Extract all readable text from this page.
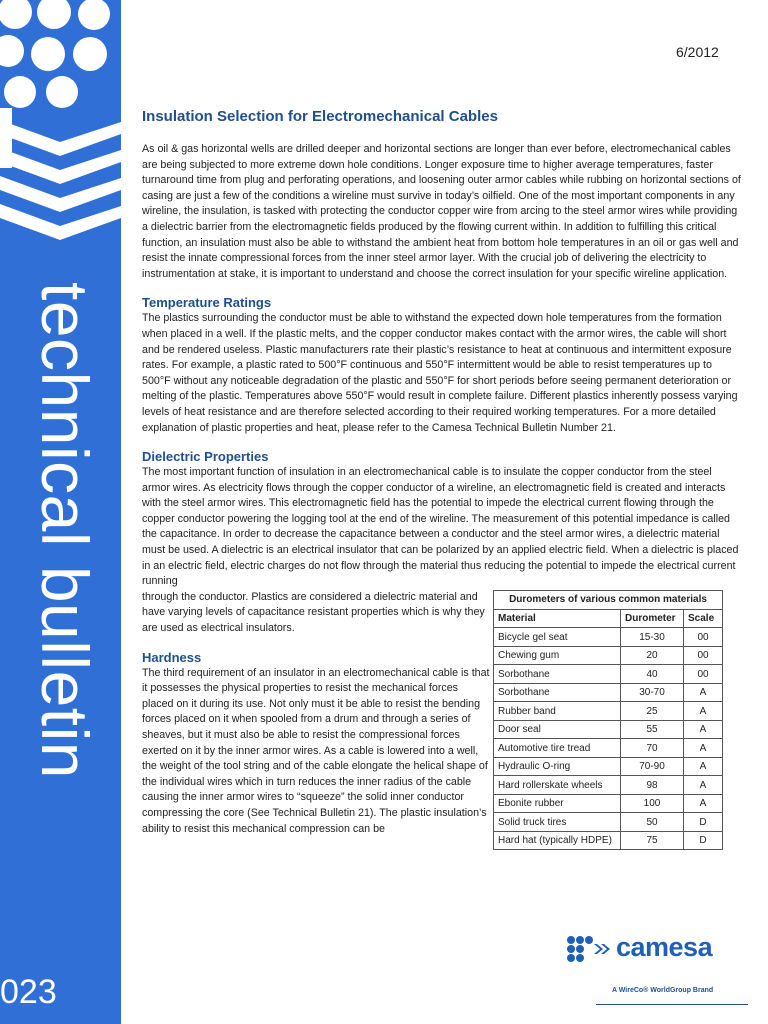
technical bulletin
023
6/2012
Insulation Selection for Electromechanical Cables

As oil & gas horizontal wells are drilled deeper and horizontal sections are longer than ever before, electromechanical cables are being subjected to more extreme down hole conditions. Longer exposure time to higher average temperatures, faster turnaround time from plug and perforating operations, and loosening outer armor cables while rubbing on horizontal sections of casing are just a few of the conditions a wireline must survive in today’s oilfield. One of the most important components in any wireline, the insulation, is tasked with protecting the conductor copper wire from arcing to the steel armor wires while providing a dielectric barrier from the electromagnetic fields produced by the flowing current within. In addition to fulfilling this critical function, an insulation must also be able to withstand the ambient heat from bottom hole temperatures in an oil or gas well and resist the innate compressional forces from the inner steel armor layer. With the crucial job of delivering the electricity to instrumentation at stake, it is important to understand and choose the correct insulation for your specific wireline application.

Temperature Ratings

The plastics surrounding the conductor must be able to withstand the expected down hole temperatures from the formation when placed in a well. If the plastic melts, and the copper conductor makes contact with the armor wires, the cable will short and be rendered useless. Plastic manufacturers rate their plastic’s resistance to heat at continuous and intermittent exposure rates. For example, a plastic rated to 500°F continuous and 550°F intermittent would be able to resist temperatures up to 500°F without any noticeable degradation of the plastic and 550°F for short periods before seeing permanent deterioration or melting of the plastic. Temperatures above 550°F would result in complete failure. Different plastics inherently possess varying levels of heat resistance and are therefore selected according to their required working temperatures. For a more detailed explanation of plastic properties and heat, please refer to the Camesa Technical Bulletin Number 21.

Dielectric Properties

The most important function of insulation in an electromechanical cable is to insulate the copper conductor from the steel armor wires. As electricity flows through the copper conductor of a wireline, an electromagnetic field is created and interacts with the steel armor wires. This electromagnetic field has the potential to impede the electrical current flowing through the copper conductor powering the logging tool at the end of the wireline. The measurement of this potential impedance is called the capacitance. In order to decrease the capacitance between a conductor and the steel armor wires, a dielectric material must be used. A dielectric is an electrical insulator that can be polarized by an applied electric field. When a dielectric is placed in an electric field, electric charges do not flow through the material thus reducing the potential to impede the electrical current running

through the conductor. Plastics are considered a dielectric material and have varying levels of capacitance resistant properties which is why they are used as electrical insulators.

Hardness

The third requirement of an insulator in an electromechanical cable is that it possesses the physical properties to resist the mechanical forces placed on it during its use. Not only must it be able to resist the bending forces placed on it when spooled from a drum and through a series of sheaves, but it must also be able to resist the compressional forces exerted on it by the inner armor wires. As a cable is lowered into a well, the weight of the tool string and of the cable elongate the helical shape of the individual wires which in turn reduces the inner radius of the cable causing the inner armor wires to “squeeze” the solid inner conductor compressing the core (See Technical Bulletin 21). The plastic insulation’s ability to resist this mechanical compression can be

Durometers of various common materials		
Material	Durometer	Scale
Bicycle gel seat	15-30	00
Chewing gum	20	00
Sorbothane	40	00
Sorbothane	30-70	A
Rubber band	25	A
Door seal	55	A
Automotive tire tread	70	A
Hydraulic O-ring	70-90	A
Hard rollerskate wheels	98	A
Ebonite rubber	100	A
Solid truck tires	50	D
Hard hat (typically HDPE)	75	D
camesa
A WireCo® WorldGroup Brand
